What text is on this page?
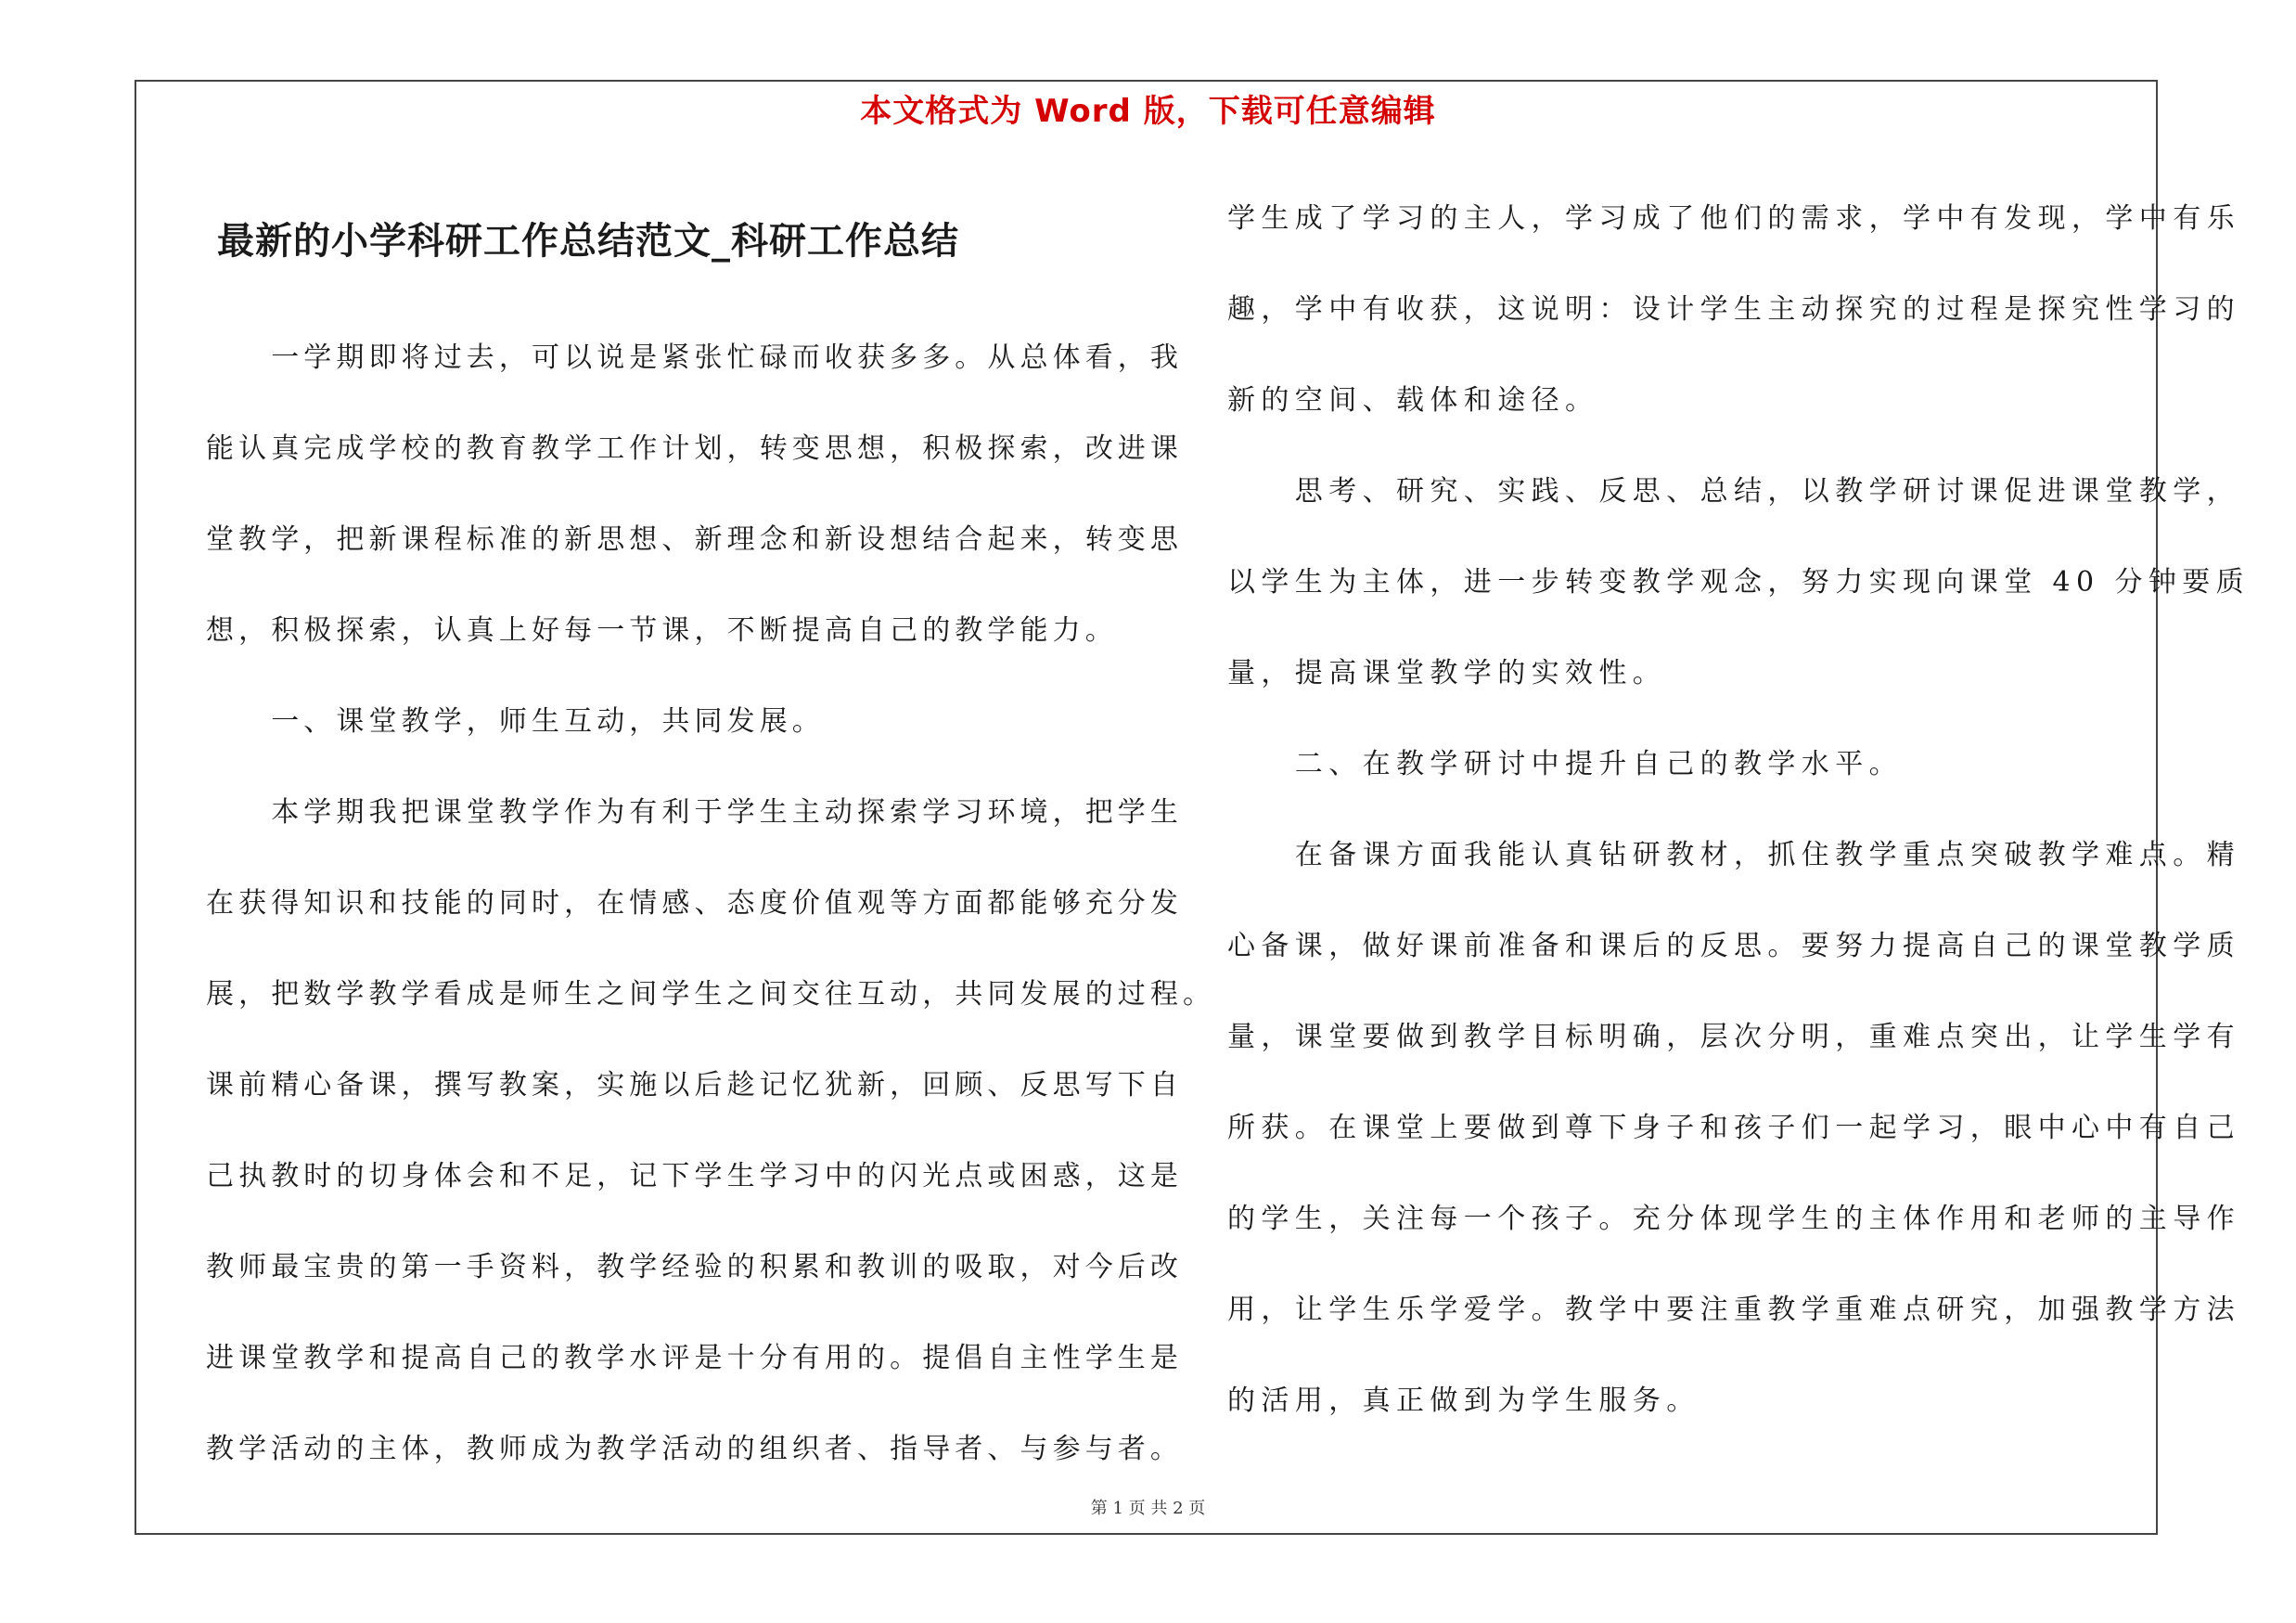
本文格式为 Word 版，下载可任意编辑
最新的小学科研工作总结范文_科研工作总结
　　一学期即将过去，可以说是紧张忙碌而收获多多。从总体看，我
能认真完成学校的教育教学工作计划，转变思想，积极探索，改进课
堂教学，把新课程标准的新思想、新理念和新设想结合起来，转变思
想，积极探索，认真上好每一节课，不断提高自己的教学能力。
　　一、课堂教学，师生互动，共同发展。
　　本学期我把课堂教学作为有利于学生主动探索学习环境，把学生
在获得知识和技能的同时，在情感、态度价值观等方面都能够充分发
展，把数学教学看成是师生之间学生之间交往互动，共同发展的过程。
课前精心备课，撰写教案，实施以后趁记忆犹新，回顾、反思写下自
己执教时的切身体会和不足，记下学生学习中的闪光点或困惑，这是
教师最宝贵的第一手资料，教学经验的积累和教训的吸取，对今后改
进课堂教学和提高自己的教学水评是十分有用的。提倡自主性学生是
教学活动的主体，教师成为教学活动的组织者、指导者、与参与者。
学生成了学习的主人，学习成了他们的需求，学中有发现，学中有乐
趣，学中有收获，这说明：设计学生主动探究的过程是探究性学习的
新的空间、载体和途径。
　　思考、研究、实践、反思、总结，以教学研讨课促进课堂教学，
以学生为主体，进一步转变教学观念，努力实现向课堂 40 分钟要质
量，提高课堂教学的实效性。
　　二、在教学研讨中提升自己的教学水平。
　　在备课方面我能认真钻研教材，抓住教学重点突破教学难点。精
心备课，做好课前准备和课后的反思。要努力提高自己的课堂教学质
量，课堂要做到教学目标明确，层次分明，重难点突出，让学生学有
所获。在课堂上要做到尊下身子和孩子们一起学习，眼中心中有自己
的学生，关注每一个孩子。充分体现学生的主体作用和老师的主导作
用，让学生乐学爱学。教学中要注重教学重难点研究，加强教学方法
的活用，真正做到为学生服务。
第 1 页 共 2 页
